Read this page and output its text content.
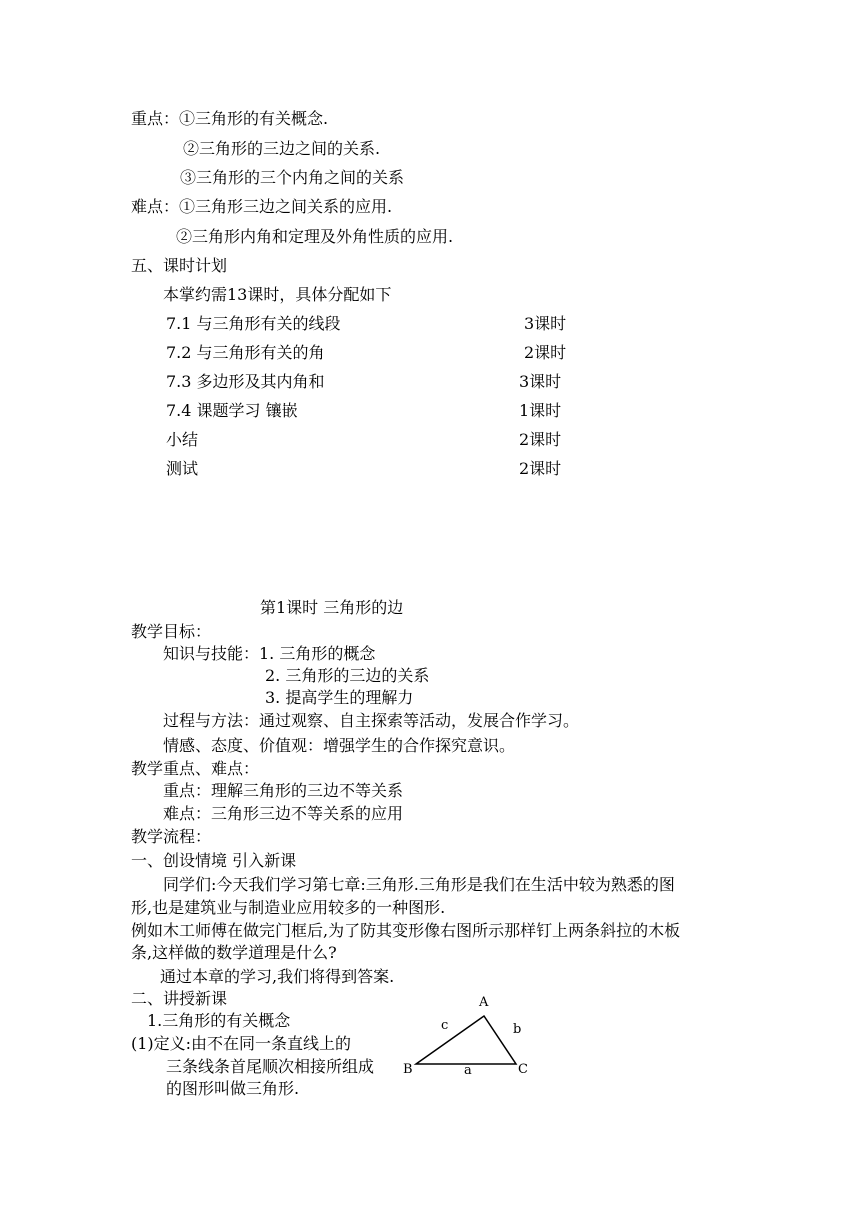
重点：①三角形的有关概念.
②三角形的三边之间的关系.
③三角形的三个内角之间的关系
难点：①三角形三边之间关系的应用.
②三角形内角和定理及外角性质的应用.
五、课时计划
本掌约需13课时，具体分配如下
7.1 与三角形有关的线段	3课时
7.2 与三角形有关的角	2课时
7.3 多边形及其内角和	3课时
7.4 课题学习 镶嵌	1课时
小结	2课时
测试	2课时
第1课时 三角形的边
教学目标：
知识与技能：1. 三角形的概念
2. 三角形的三边的关系
3. 提高学生的理解力
过程与方法：通过观察、自主探索等活动，发展合作学习。
情感、态度、价值观：增强学生的合作探究意识。
教学重点、难点：
重点：理解三角形的三边不等关系
难点：三角形三边不等关系的应用
教学流程：
一、创设情境 引入新课
同学们:今天我们学习第七章:三角形.三角形是我们在生活中较为熟悉的图
形,也是建筑业与制造业应用较多的一种图形.
例如木工师傅在做完门框后,为了防其变形像右图所示那样钉上两条斜拉的木板
条,这样做的数学道理是什么?
通过本章的学习,我们将得到答案.
二、讲授新课
1.三角形的有关概念
(1)定义:由不在同一条直线上的
三条线条首尾顺次相接所组成
的图形叫做三角形.
A
B	C
a
b
c
